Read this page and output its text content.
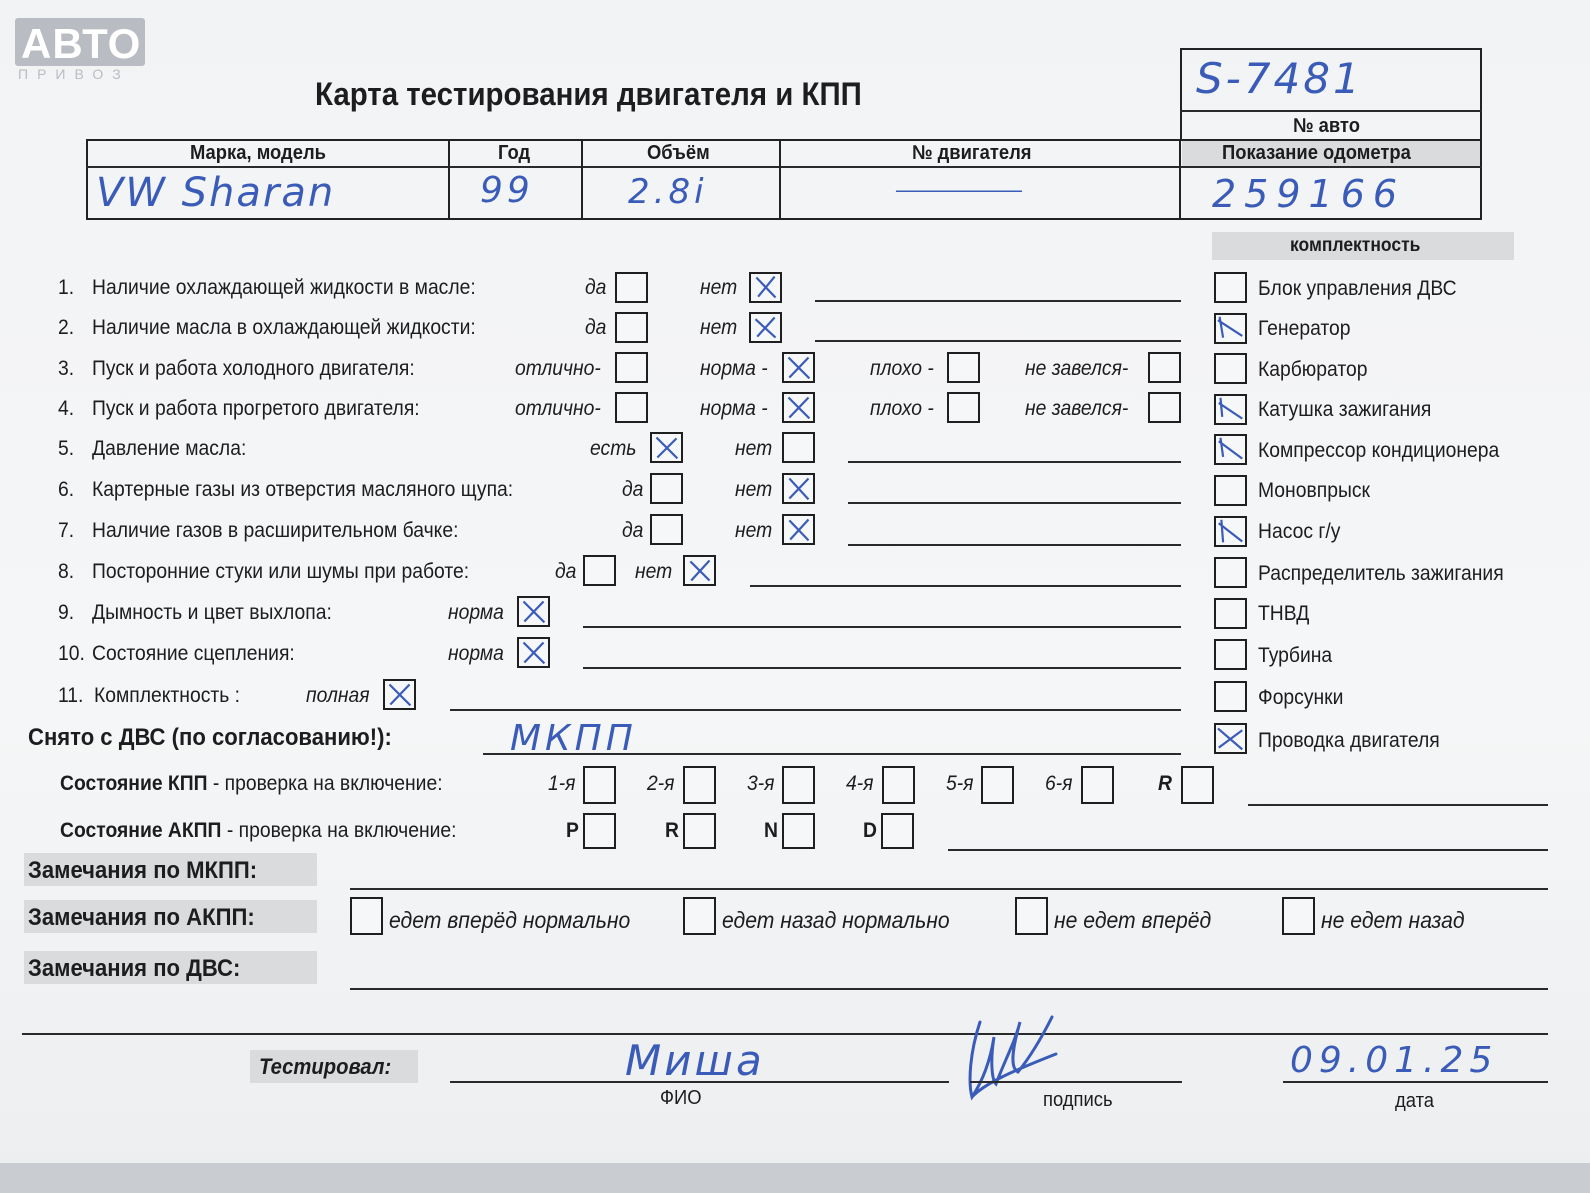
АВТО
ПРИВОЗ
Карта тестирования двигателя и КПП	S-7481
№ авто
Марка, модель	Год	Объём	№ двигателя	Показание одометра
VW Sharan	99	2.8i	———————	259166
комплектность
1. Наличие охлаждающей жидкости в масле:	да	нет
2. Наличие масла в охлаждающей жидкости:	да	нет
3. Пуск и работа холодного двигателя:	отлично-	норма -	плохо -	не завелся-
4. Пуск и работа прогретого двигателя:	отлично-	норма -	плохо -	не завелся-
5. Давление масла:	есть	нет
6. Картерные газы из отверстия масляного щупа:	да	нет
7. Наличие газов в расширительном бачке:	да	нет
8. Посторонние стуки или шумы при работе:	да	нет
9. Дымность и цвет выхлопа:	норма
10. Состояние сцепления:	норма
11. Комплектность :	полная
Снято с ДВС (по согласованию!):	МКПП
Блок управления ДВС
Генератор
Карбюратор
Катушка зажигания
Компрессор кондиционера
Моновпрыск
Насос г/у
Распределитель зажигания
ТНВД
Турбина
Форсунки
Проводка двигателя
Состояние КПП - проверка на включение:	1-я	2-я	3-я	4-я	5-я	6-я	R
Состояние АКПП - проверка на включение:	P	R	N	D
Замечания по МКПП:
Замечания по АКПП:	едет вперёд нормально	едет назад нормально	не едет вперёд	не едет назад
Замечания по ДВС:
Тестировал:	Миша
ФИО	подпись
09.01.25
дата
